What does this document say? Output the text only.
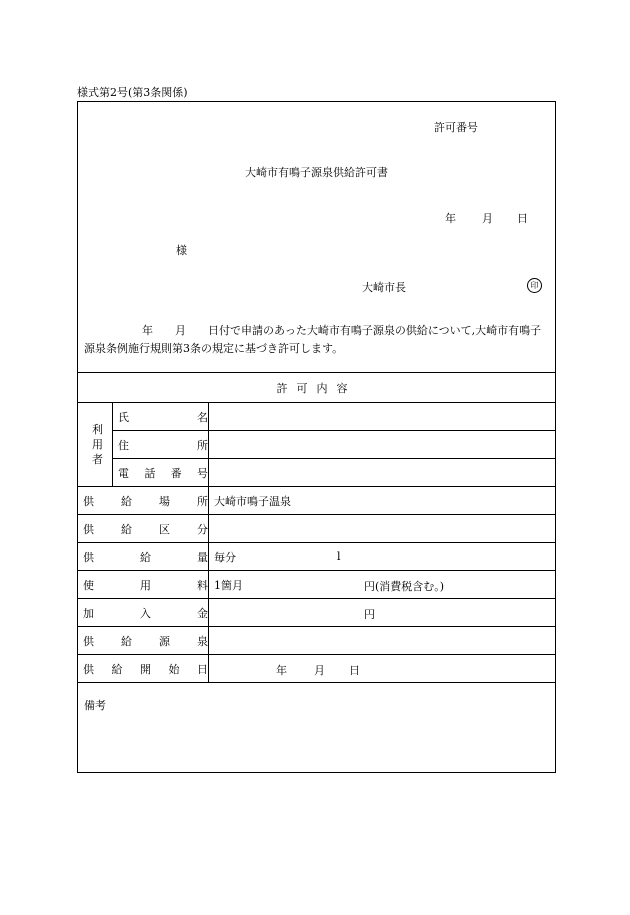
様式第2号(第3条関係)
許可番号
大崎市有鳴子源泉供給許可書
年 月 日
様
大崎市長	印
年 月 日付で申請のあった大崎市有鳴子源泉の供給について,大崎市有鳴子源泉条例施行規則第3条の規定に基づき許可します。
許可内容
利
用
者	氏 名	

	住 所	

	電 話 番 号	

供 給 場 所		大崎市鳴子温泉

供 給 区 分		

供 給 量		毎分 l

使 用 料		1箇月 円(消費税含む。)

加 入 金		円

供 給 源 泉		

供 給 開 始 日		年 月 日
備考
